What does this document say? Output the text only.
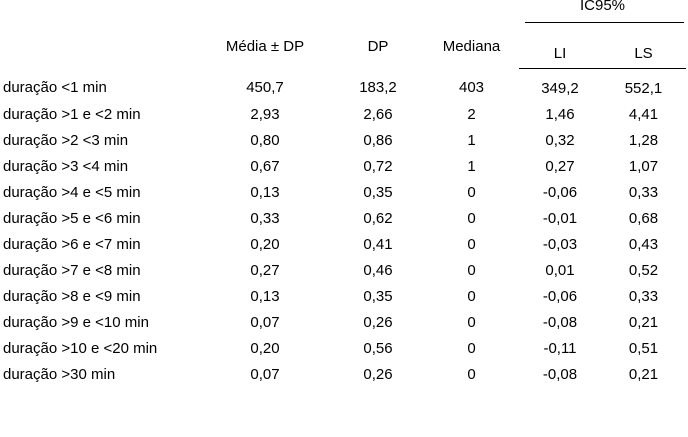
	Média ± DP	DP	Mediana	IC95%	

				LI	LS
duração <1 min	450,7	183,2	403	349,2	552,1
duração >1 e <2 min	2,93	2,66	2	1,46	4,41
duração >2 <3 min	0,80	0,86	1	0,32	1,28
duração >3 <4 min	0,67	0,72	1	0,27	1,07
duração >4 e <5 min	0,13	0,35	0	-0,06	0,33
duração >5 e <6 min	0,33	0,62	0	-0,01	0,68
duração >6 e <7 min	0,20	0,41	0	-0,03	0,43
duração >7 e <8 min	0,27	0,46	0	0,01	0,52
duração >8 e <9 min	0,13	0,35	0	-0,06	0,33
duração >9 e <10 min	0,07	0,26	0	-0,08	0,21
duração >10 e <20 min	0,20	0,56	0	-0,11	0,51
duração >30 min	0,07	0,26	0	-0,08	0,21
